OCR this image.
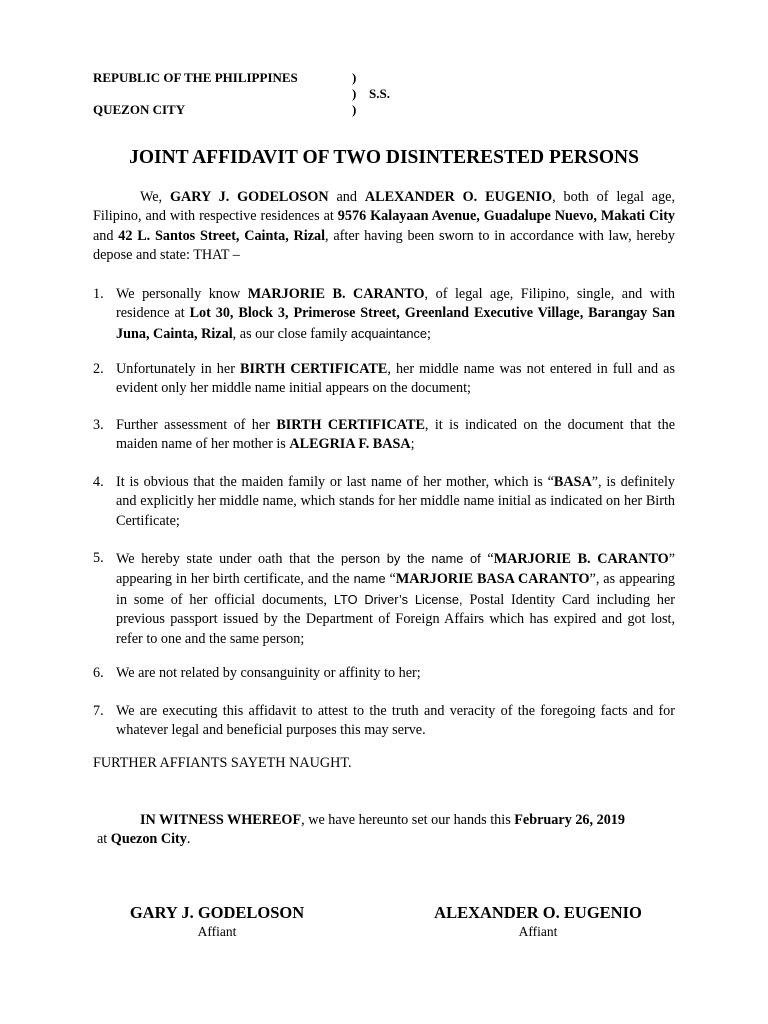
REPUBLIC OF THE PHILIPPINES
QUEZON CITY
)
)
)
S.S.
JOINT AFFIDAVIT OF TWO DISINTERESTED PERSONS
We, GARY J. GODELOSON and ALEXANDER O. EUGENIO, both of legal age, Filipino, and with respective residences at 9576 Kalayaan Avenue, Guadalupe Nuevo, Makati City and 42 L. Santos Street, Cainta, Rizal, after having been sworn to in accordance with law, hereby depose and state: THAT –
1. We personally know MARJORIE B. CARANTO, of legal age, Filipino, single, and with residence at Lot 30, Block 3, Primerose Street, Greenland Executive Village, Barangay San Juna, Cainta, Rizal, as our close family acquaintance;
2. Unfortunately in her BIRTH CERTIFICATE, her middle name was not entered in full and as evident only her middle name initial appears on the document;
3. Further assessment of her BIRTH CERTIFICATE, it is indicated on the document that the maiden name of her mother is ALEGRIA F. BASA;
4. It is obvious that the maiden family or last name of her mother, which is “BASA”, is definitely and explicitly her middle name, which stands for her middle name initial as indicated on her Birth Certificate;
5. We hereby state under oath that the person by the name of “MARJORIE B. CARANTO” appearing in her birth certificate, and the name “MARJORIE BASA CARANTO”, as appearing in some of her official documents, LTO Driver’s License, Postal Identity Card including her previous passport issued by the Department of Foreign Affairs which has expired and got lost, refer to one and the same person;
6. We are not related by consanguinity or affinity to her;
7. We are executing this affidavit to attest to the truth and veracity of the foregoing facts and for whatever legal and beneficial purposes this may serve.
FURTHER AFFIANTS SAYETH NAUGHT.
IN WITNESS WHEREOF, we have hereunto set our hands this February 26, 2019
at Quezon City.
GARY J. GODELOSON
Affiant
ALEXANDER O. EUGENIO
Affiant
